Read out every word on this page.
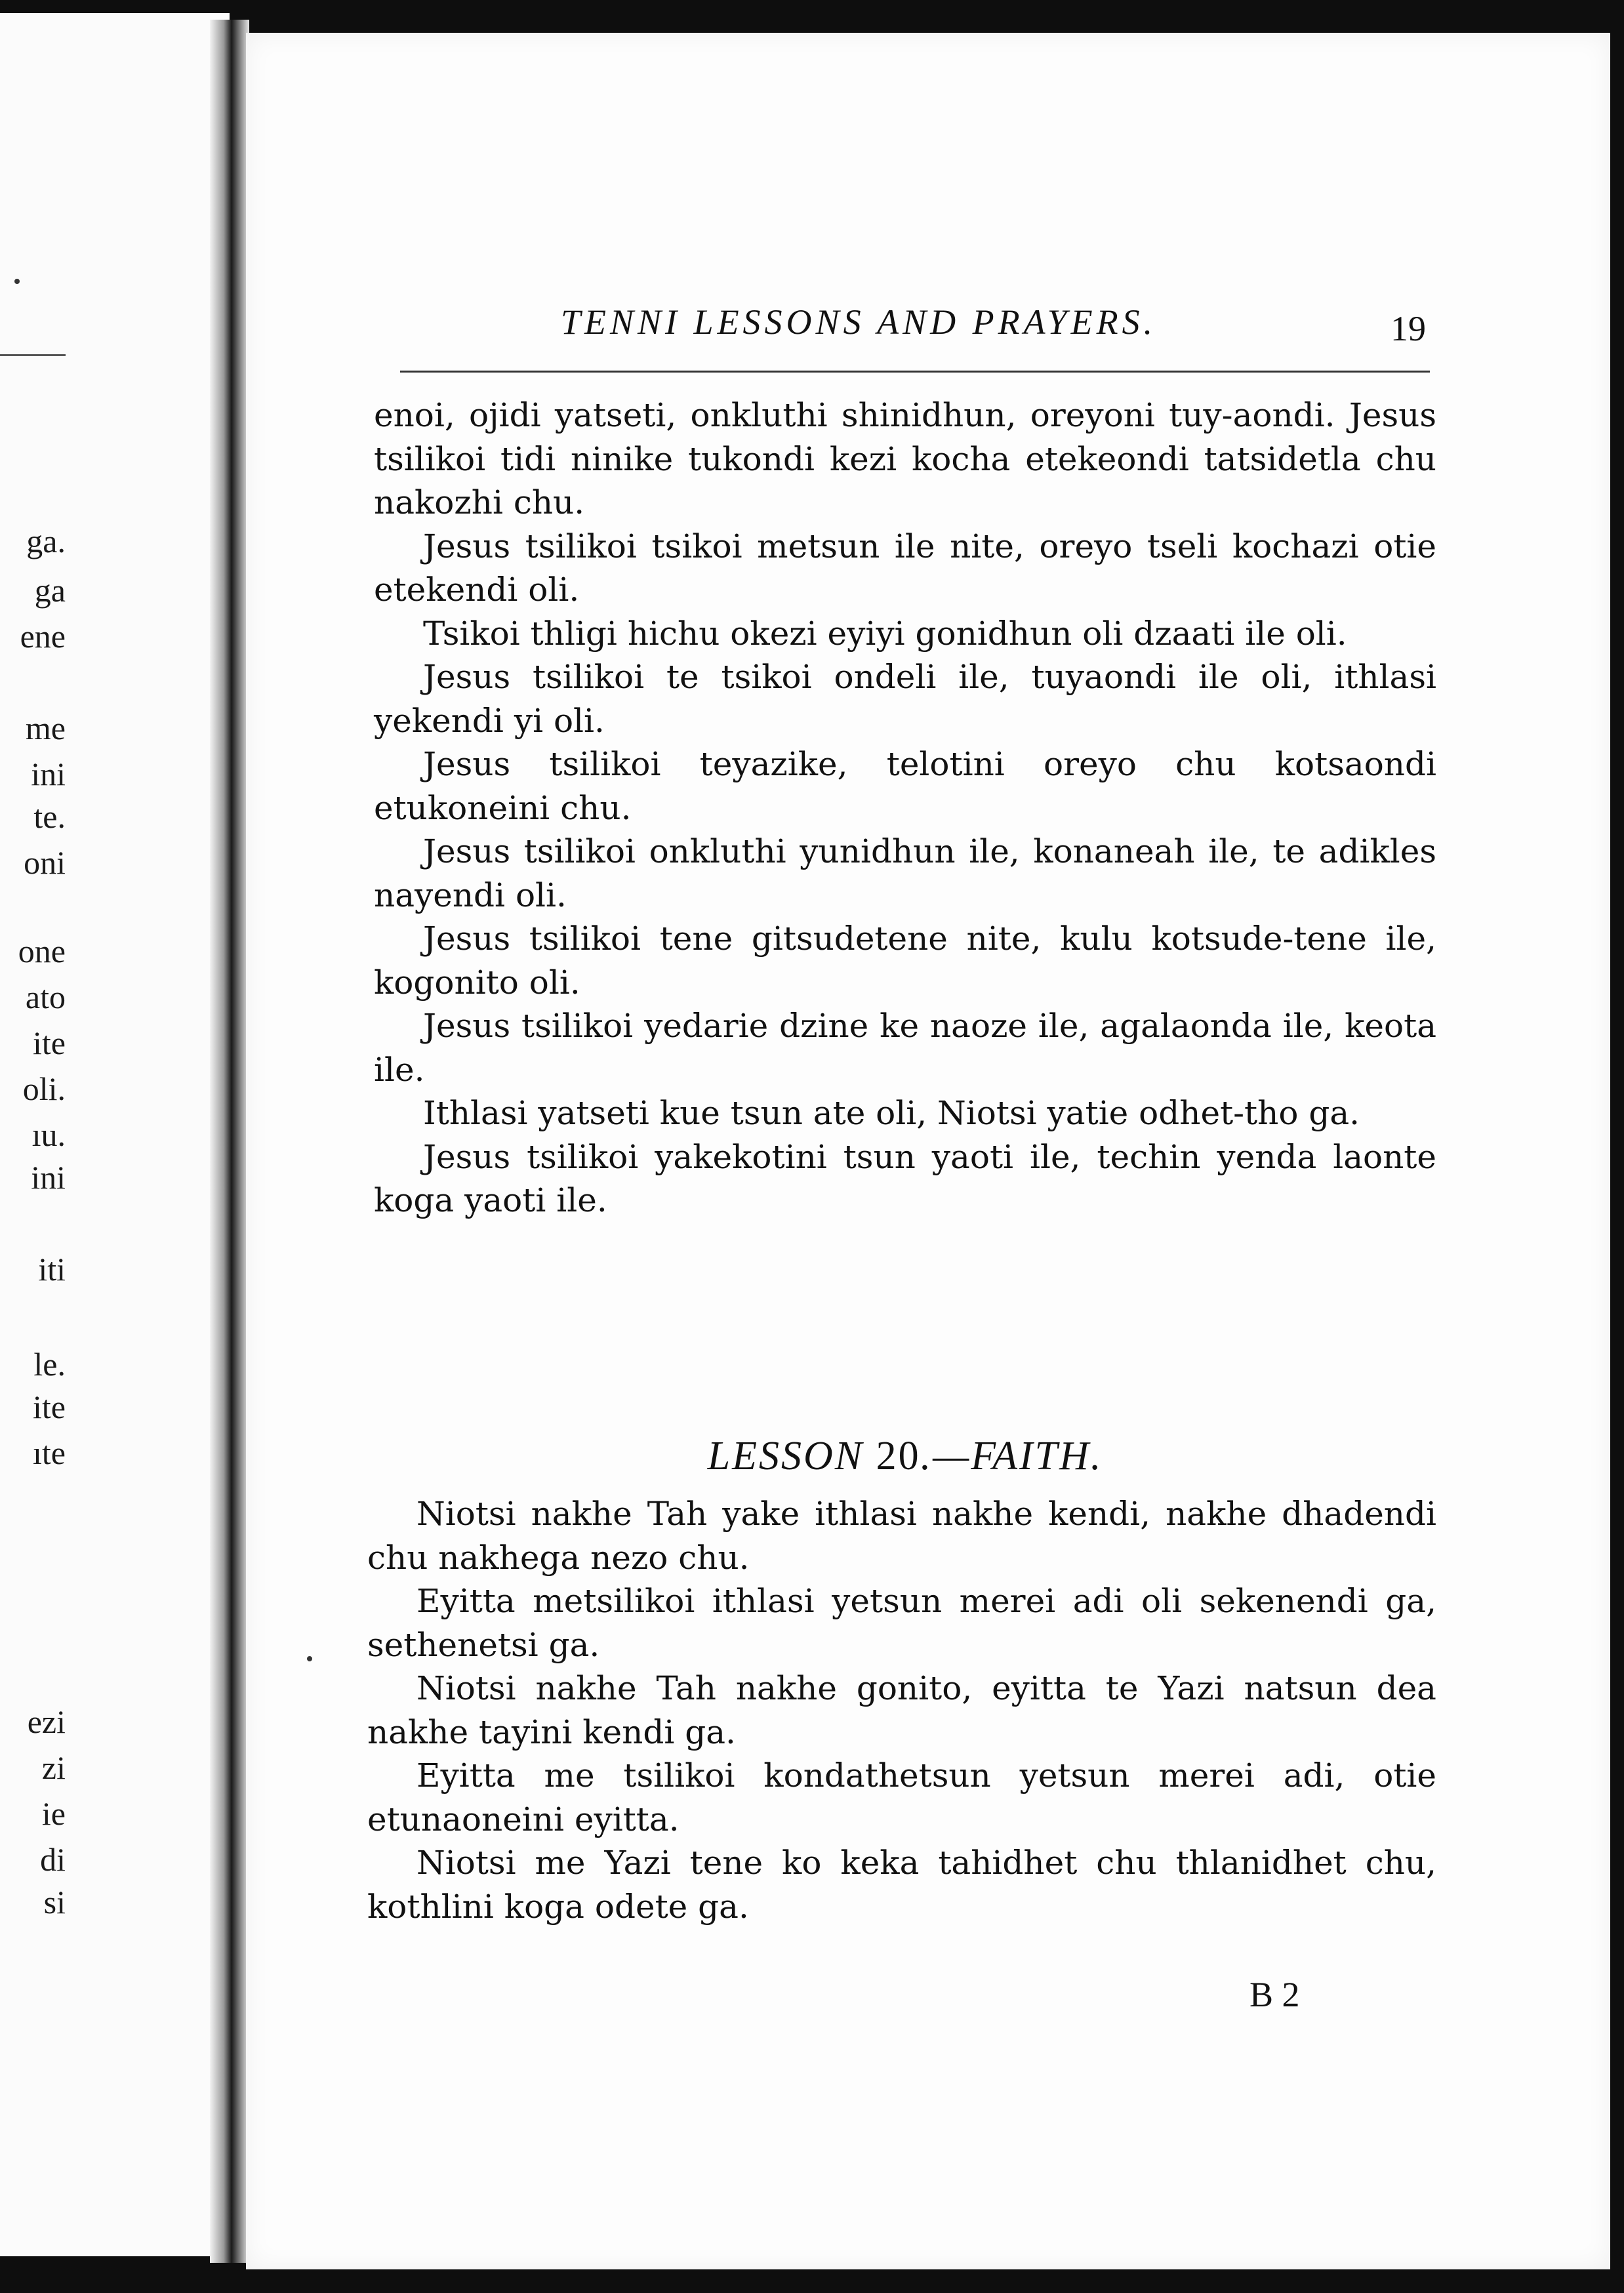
ga.
ga
ene
me
ini
te.
oni
one
ato
ite
oli.
ıu.
ini
iti
le.
ite
ıte
ezi
zi
ie
di
si
TENNI LESSONS AND PRAYERS.	19

enoi, ojidi yatseti, onkluthi shinidhun, oreyoni tuy-aondi. Jesus tsilikoi tidi ninike tukondi kezi kocha etekeondi tatsidetla chu nakozhi chu.

Jesus tsilikoi tsikoi metsun ile nite, oreyo tseli kochazi otie etekendi oli.

Tsikoi thligi hichu okezi eyiyi gonidhun oli dzaati ile oli.

Jesus tsilikoi te tsikoi ondeli ile, tuyaondi ile oli, ithlasi yekendi yi oli.

Jesus tsilikoi teyazike, telotini oreyo chu kotsaondi etukoneini chu.

Jesus tsilikoi onkluthi yunidhun ile, konaneah ile, te adikles nayendi oli.

Jesus tsilikoi tene gitsudetene nite, kulu kotsude-tene ile, kogonito oli.

Jesus tsilikoi yedarie dzine ke naoze ile, agalaonda ile, keota ile.

Ithlasi yatseti kue tsun ate oli, Niotsi yatie odhet-tho ga.

Jesus tsilikoi yakekotini tsun yaoti ile, techin yenda laonte koga yaoti ile.

LESSON 20.—FAITH.

Niotsi nakhe Tah yake ithlasi nakhe kendi, nakhe dhadendi chu nakhega nezo chu.

Eyitta metsilikoi ithlasi yetsun merei adi oli sekenendi ga, sethenetsi ga.

Niotsi nakhe Tah nakhe gonito, eyitta te Yazi natsun dea nakhe tayini kendi ga.

Eyitta me tsilikoi kondathetsun yetsun merei adi, otie etunaoneini eyitta.

Niotsi me Yazi tene ko keka tahidhet chu thlanidhet chu, kothlini koga odete ga.

B 2
